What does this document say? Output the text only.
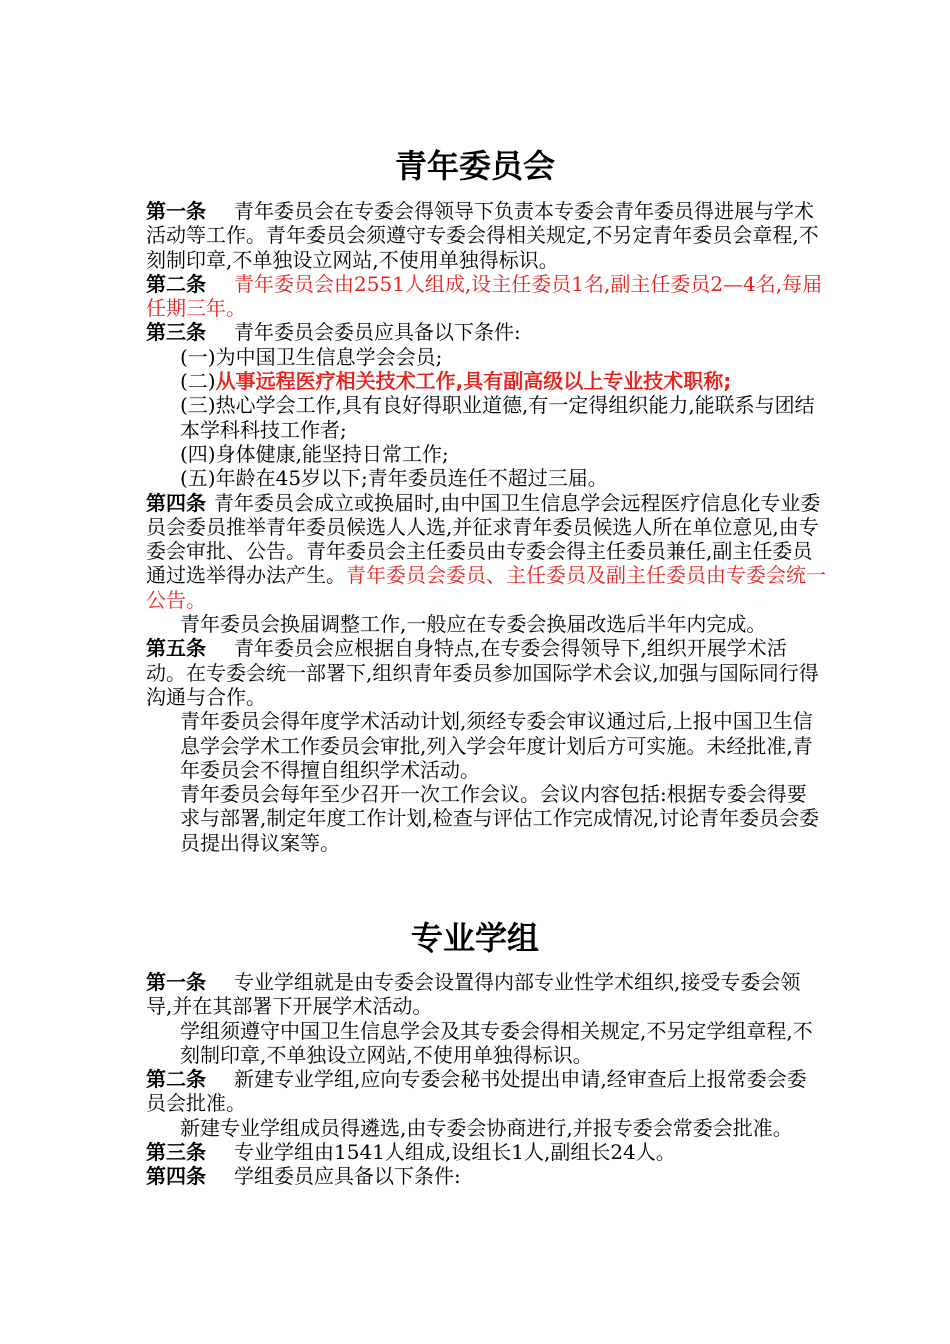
青年委员会

第一条 青年委员会在专委会得领导下负责本专委会青年委员得进展与学术活动等工作。青年委员会须遵守专委会得相关规定,不另定青年委员会章程,不刻制印章,不单独设立网站,不使用单独得标识。

第二条 青年委员会由2551人组成,设主任委员1名,副主任委员2—4名,每届任期三年。

第三条 青年委员会委员应具备以下条件:

(一)为中国卫生信息学会会员;

(二)从事远程医疗相关技术工作,具有副高级以上专业技术职称;

(三)热心学会工作,具有良好得职业道德,有一定得组织能力,能联系与团结本学科科技工作者;

(四)身体健康,能坚持日常工作;

(五)年龄在45岁以下;青年委员连任不超过三届。

第四条 青年委员会成立或换届时,由中国卫生信息学会远程医疗信息化专业委员会委员推举青年委员候选人人选,并征求青年委员候选人所在单位意见,由专委会审批、公告。青年委员会主任委员由专委会得主任委员兼任,副主任委员通过选举得办法产生。青年委员会委员、主任委员及副主任委员由专委会统一公告。

青年委员会换届调整工作,一般应在专委会换届改选后半年内完成。

第五条 青年委员会应根据自身特点,在专委会得领导下,组织开展学术活动。在专委会统一部署下,组织青年委员参加国际学术会议,加强与国际同行得沟通与合作。

青年委员会得年度学术活动计划,须经专委会审议通过后,上报中国卫生信息学会学术工作委员会审批,列入学会年度计划后方可实施。未经批准,青年委员会不得擅自组织学术活动。

青年委员会每年至少召开一次工作会议。会议内容包括:根据专委会得要求与部署,制定年度工作计划,检查与评估工作完成情况,讨论青年委员会委员提出得议案等。

专业学组

第一条 专业学组就是由专委会设置得内部专业性学术组织,接受专委会领导,并在其部署下开展学术活动。

学组须遵守中国卫生信息学会及其专委会得相关规定,不另定学组章程,不刻制印章,不单独设立网站,不使用单独得标识。

第二条 新建专业学组,应向专委会秘书处提出申请,经审查后上报常委会委员会批准。

新建专业学组成员得遴选,由专委会协商进行,并报专委会常委会批准。

第三条 专业学组由1541人组成,设组长1人,副组长24人。

第四条 学组委员应具备以下条件:
